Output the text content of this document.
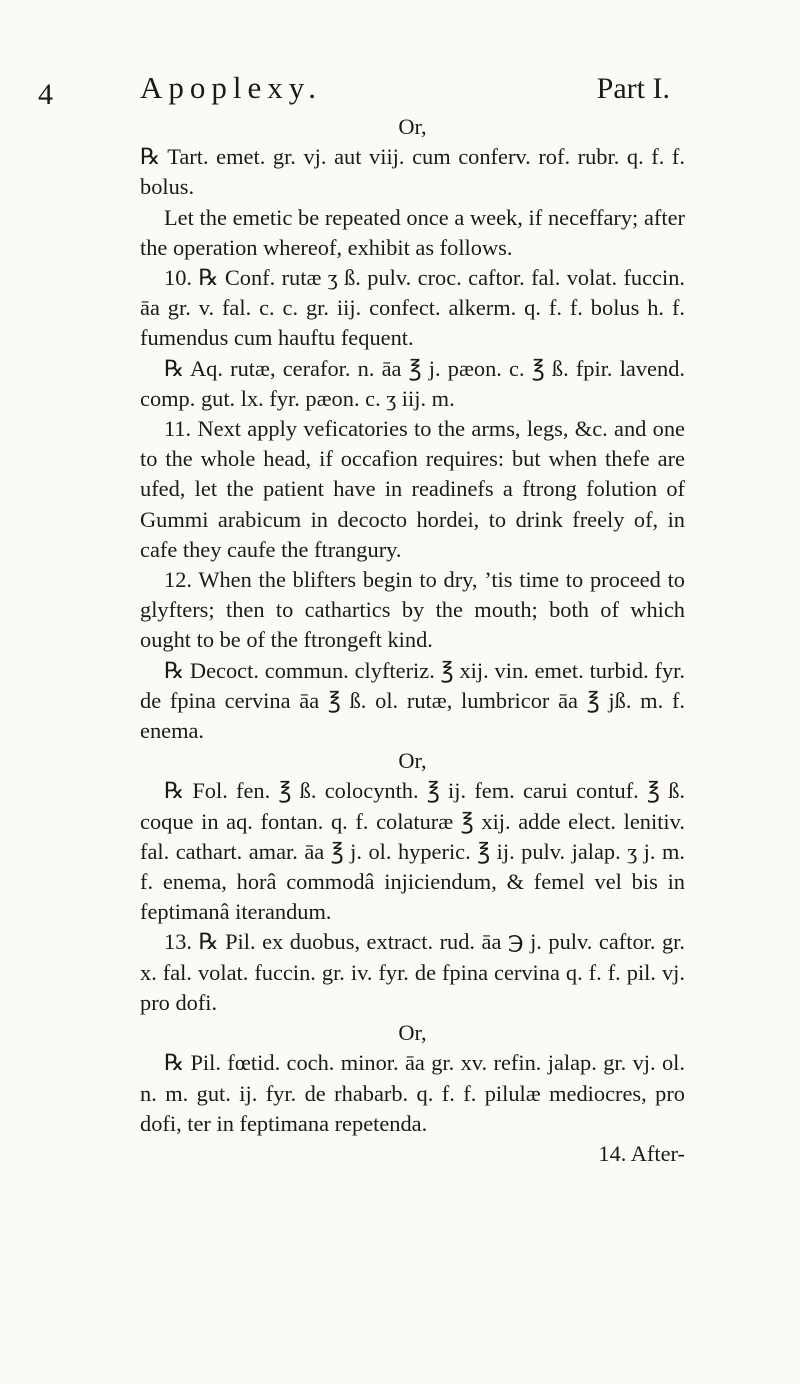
4	Apoplexy.	Part I.

Or,

℞ Tart. emet. gr. vj. aut viij. cum conferv. rof. rubr. q. f. f. bolus.

Let the emetic be repeated once a week, if neceffary; after the operation whereof, exhibit as follows.

10. ℞ Conf. rutæ ʒ ß. pulv. croc. caftor. fal. volat. fuccin. āa gr. v. fal. c. c. gr. iij. confect. alkerm. q. f. f. bolus h. f. fumendus cum hauftu fequent.

℞ Aq. rutæ, cerafor. n. āa ℥ j. pæon. c. ℥ ß. fpir. lavend. comp. gut. lx. fyr. pæon. c. ʒ iij. m.

11. Next apply veficatories to the arms, legs, &c. and one to the whole head, if occafion requires: but when thefe are ufed, let the patient have in readinefs a ftrong folution of Gummi arabicum in decocto hordei, to drink freely of, in cafe they caufe the ftrangury.

12. When the blifters begin to dry, ’tis time to proceed to glyfters; then to cathartics by the mouth; both of which ought to be of the ftrongeft kind.

℞ Decoct. commun. clyfteriz. ℥ xij. vin. emet. turbid. fyr. de fpina cervina āa ℥ ß. ol. rutæ, lumbricor āa ℥ jß. m. f. enema.

Or,

℞ Fol. fen. ℥ ß. colocynth. ℥ ij. fem. carui contuf. ℥ ß. coque in aq. fontan. q. f. colaturæ ℥ xij. adde elect. lenitiv. fal. cathart. amar. āa ℥ j. ol. hyperic. ℥ ij. pulv. jalap. ʒ j. m. f. enema, horâ commodâ injiciendum, & femel vel bis in feptimanâ iterandum.

13. ℞ Pil. ex duobus, extract. rud. āa ℈ j. pulv. caftor. gr. x. fal. volat. fuccin. gr. iv. fyr. de fpina cervina q. f. f. pil. vj. pro dofi.

Or,

℞ Pil. fœtid. coch. minor. āa gr. xv. refin. jalap. gr. vj. ol. n. m. gut. ij. fyr. de rhabarb. q. f. f. pilulæ mediocres, pro dofi, ter in feptimana repetenda.

14. After-
